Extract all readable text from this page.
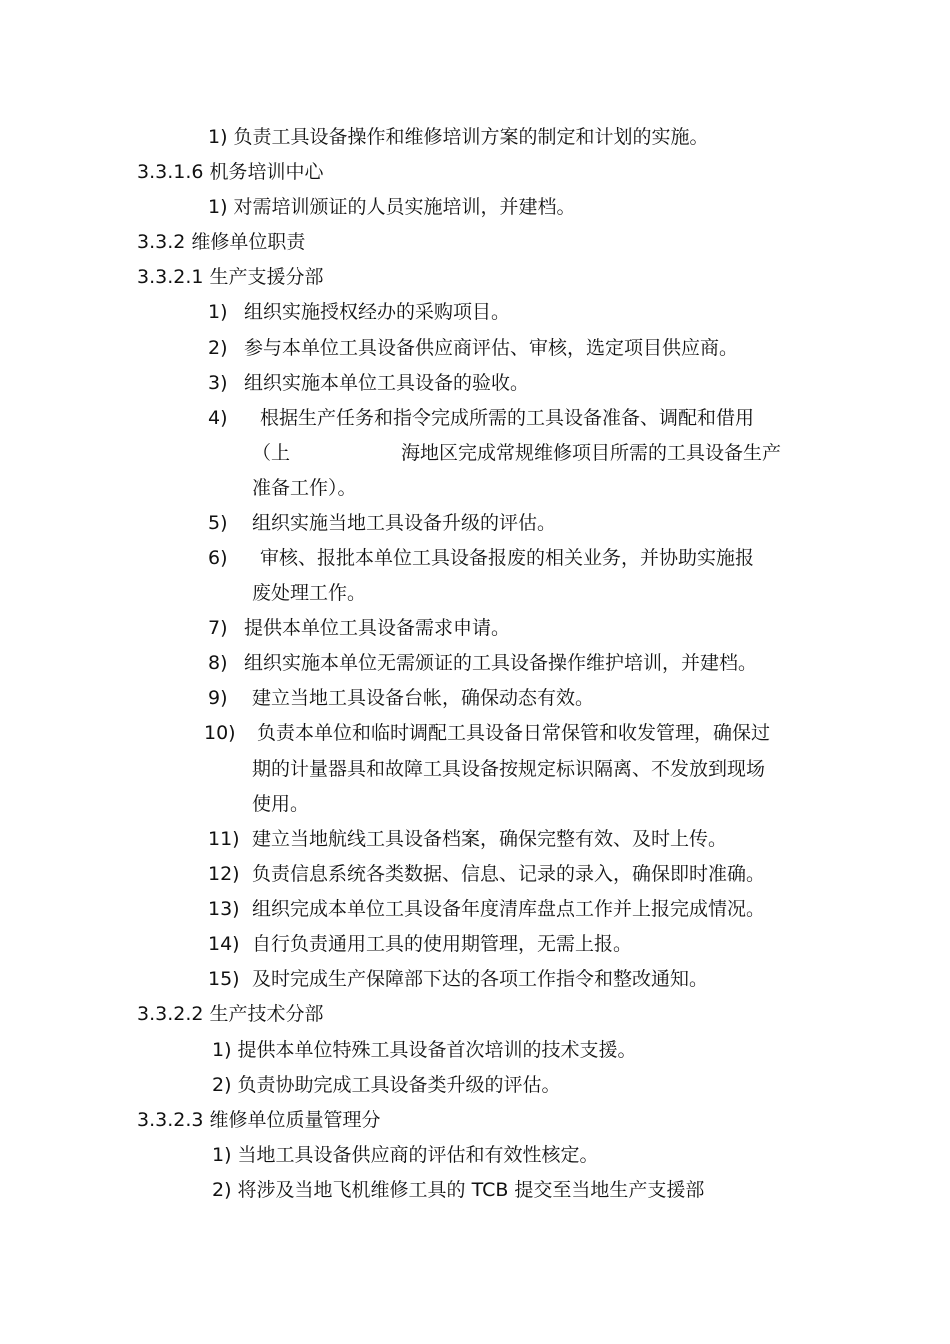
1) 负责工具设备操作和维修培训方案的制定和计划的实施。
3.3.1.6 机务培训中心
1) 对需培训颁证的人员实施培训，并建档。
3.3.2 维修单位职责
3.3.2.1 生产支援分部
1) 组织实施授权经办的采购项目。
2) 参与本单位工具设备供应商评估、审核，选定项目供应商。
3) 组织实施本单位工具设备的验收。
4) 根据生产任务和指令完成所需的工具设备准备、调配和借用
（上	海地区完成常规维修项目所需的工具设备生产
准备工作）。
5) 组织实施当地工具设备升级的评估。
6) 审核、报批本单位工具设备报废的相关业务，并协助实施报
废处理工作。
7) 提供本单位工具设备需求申请。
8) 组织实施本单位无需颁证的工具设备操作维护培训，并建档。
9) 建立当地工具设备台帐，确保动态有效。
10) 负责本单位和临时调配工具设备日常保管和收发管理，确保过
期的计量器具和故障工具设备按规定标识隔离、不发放到现场
使用。
11) 建立当地航线工具设备档案，确保完整有效、及时上传。
12) 负责信息系统各类数据、信息、记录的录入，确保即时准确。
13) 组织完成本单位工具设备年度清库盘点工作并上报完成情况。
14) 自行负责通用工具的使用期管理，无需上报。
15) 及时完成生产保障部下达的各项工作指令和整改通知。
3.3.2.2 生产技术分部
1) 提供本单位特殊工具设备首次培训的技术支援。
2) 负责协助完成工具设备类升级的评估。
3.3.2.3 维修单位质量管理分
1) 当地工具设备供应商的评估和有效性核定。
2) 将涉及当地飞机维修工具的 TCB 提交至当地生产支援部
